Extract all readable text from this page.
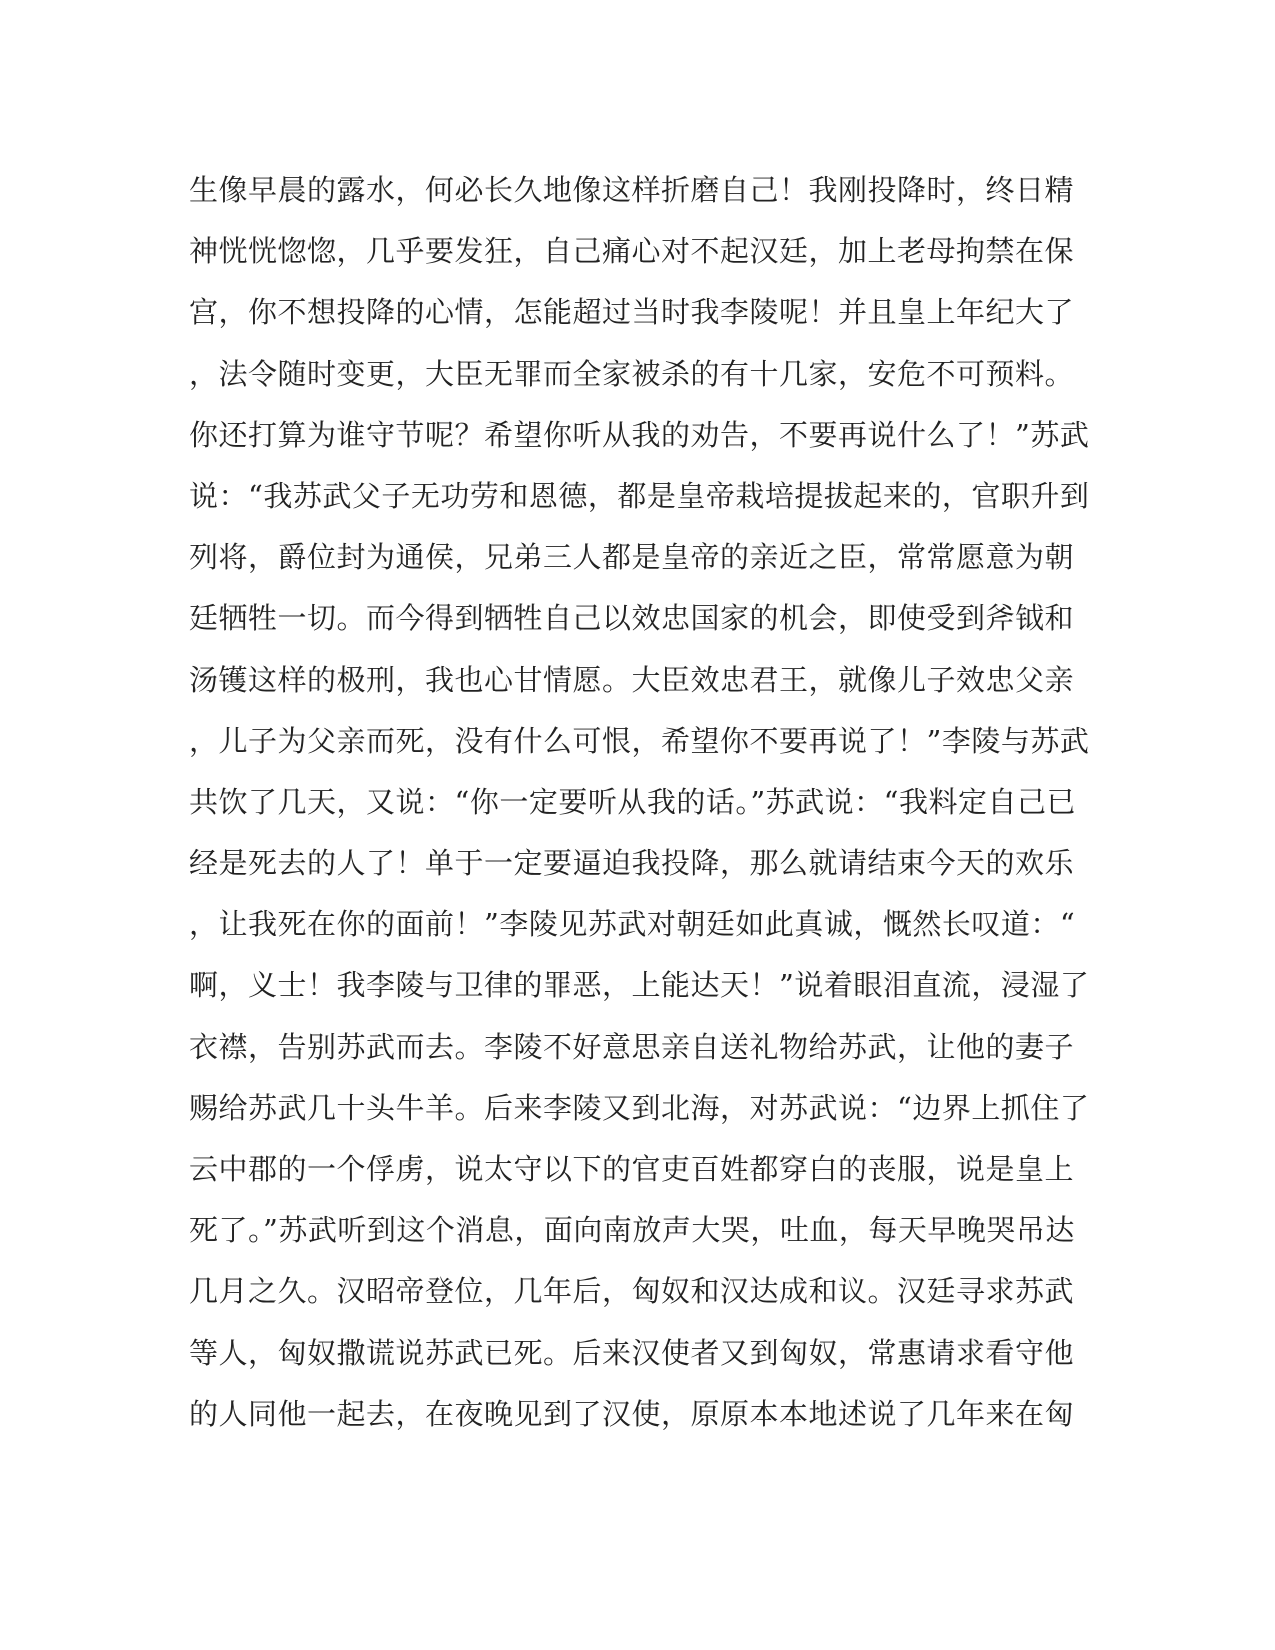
生像早晨的露水，何必长久地像这样折磨自己！我刚投降时，终日精
神恍恍惚惚，几乎要发狂，自己痛心对不起汉廷，加上老母拘禁在保
宫，你不想投降的心情，怎能超过当时我李陵呢！并且皇上年纪大了
，法令随时变更，大臣无罪而全家被杀的有十几家，安危不可预料。
你还打算为谁守节呢？希望你听从我的劝告，不要再说什么了！”苏武
说：“我苏武父子无功劳和恩德，都是皇帝栽培提拔起来的，官职升到
列将，爵位封为通侯，兄弟三人都是皇帝的亲近之臣，常常愿意为朝
廷牺牲一切。而今得到牺牲自己以效忠国家的机会，即使受到斧钺和
汤镬这样的极刑，我也心甘情愿。大臣效忠君王，就像儿子效忠父亲
，儿子为父亲而死，没有什么可恨，希望你不要再说了！”李陵与苏武
共饮了几天，又说：“你一定要听从我的话。”苏武说：“我料定自己已
经是死去的人了！单于一定要逼迫我投降，那么就请结束今天的欢乐
，让我死在你的面前！”李陵见苏武对朝廷如此真诚，慨然长叹道：“
啊，义士！我李陵与卫律的罪恶，上能达天！”说着眼泪直流，浸湿了
衣襟，告别苏武而去。李陵不好意思亲自送礼物给苏武，让他的妻子
赐给苏武几十头牛羊。后来李陵又到北海，对苏武说：“边界上抓住了
云中郡的一个俘虏，说太守以下的官吏百姓都穿白的丧服，说是皇上
死了。”苏武听到这个消息，面向南放声大哭，吐血，每天早晚哭吊达
几月之久。汉昭帝登位，几年后，匈奴和汉达成和议。汉廷寻求苏武
等人，匈奴撒谎说苏武已死。后来汉使者又到匈奴，常惠请求看守他
的人同他一起去，在夜晚见到了汉使，原原本本地述说了几年来在匈
